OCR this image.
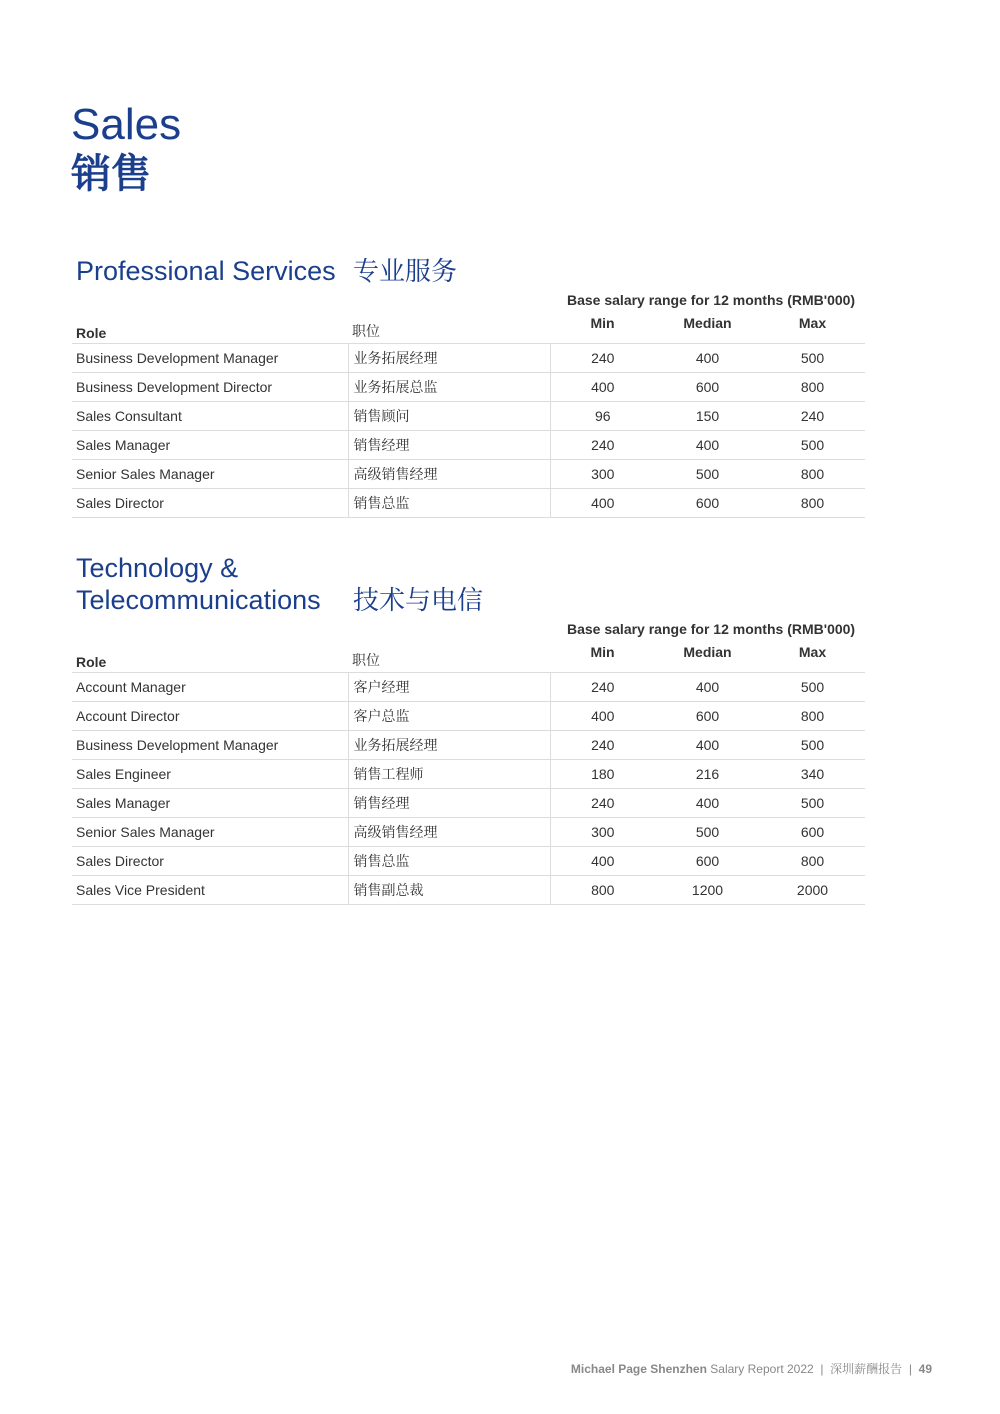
Sales
销售
Professional Services 专业服务
Base salary range for 12 months (RMB'000)
Role	职位	Min	Median	Max
Business Development Manager	业务拓展经理	240	400	500
Business Development Director	业务拓展总监	400	600	800
Sales Consultant	销售顾问	96	150	240
Sales Manager	销售经理	240	400	500
Senior Sales Manager	高级销售经理	300	500	800
Sales Director	销售总监	400	600	800
Technology &
Telecommunications 技术与电信
Base salary range for 12 months (RMB'000)
Role	职位	Min	Median	Max
Account Manager	客户经理	240	400	500
Account Director	客户总监	400	600	800
Business Development Manager	业务拓展经理	240	400	500
Sales Engineer	销售工程师	180	216	340
Sales Manager	销售经理	240	400	500
Senior Sales Manager	高级销售经理	300	500	600
Sales Director	销售总监	400	600	800
Sales Vice President	销售副总裁	800	1200	2000
Michael Page Shenzhen Salary Report 2022 | 深圳薪酬报告 | 49
